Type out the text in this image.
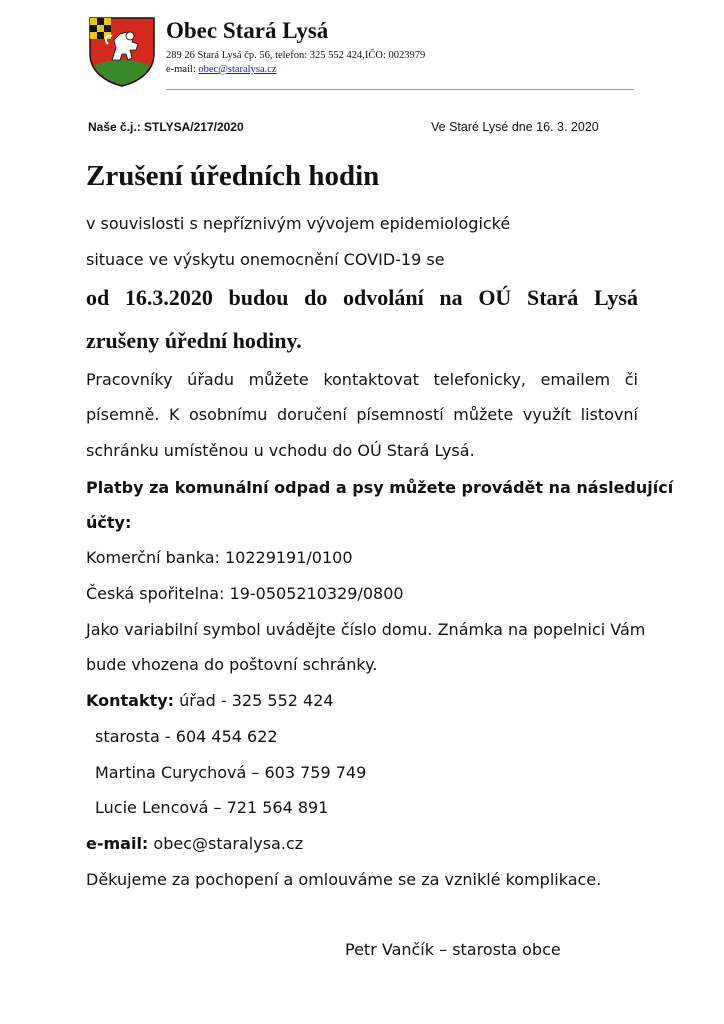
Obec Stará Lysá
289 26 Stará Lysá čp. 56, telefon: 325 552 424,IČO: 0023979
e-mail: obec@staralysa.cz
Naše č.j.: STLYSA/217/2020	Ve Staré Lysé dne 16. 3. 2020
Zrušení úředních hodin
v souvislosti s nepříznivým vývojem epidemiologické
situace ve výskytu onemocnění COVID-19 se
od 16.3.2020 budou do odvolání na OÚ Stará Lysá
zrušeny úřední hodiny.
Pracovníky úřadu můžete kontaktovat telefonicky, emailem či
písemně. K osobnímu doručení písemností můžete využít listovní
schránku umístěnou u vchodu do OÚ Stará Lysá.
Platby za komunální odpad a psy můžete provádět na následující
účty:
Komerční banka: 10229191/0100
Česká spořitelna: 19-0505210329/0800
Jako variabilní symbol uvádějte číslo domu. Známka na popelnici Vám
bude vhozena do poštovní schránky.
Kontakty: úřad - 325 552 424
starosta - 604 454 622
Martina Curychová – 603 759 749
Lucie Lencová – 721 564 891
e-mail: obec@staralysa.cz
Děkujeme za pochopení a omlouváme se za vzniklé komplikace.
Petr Vančík – starosta obce
